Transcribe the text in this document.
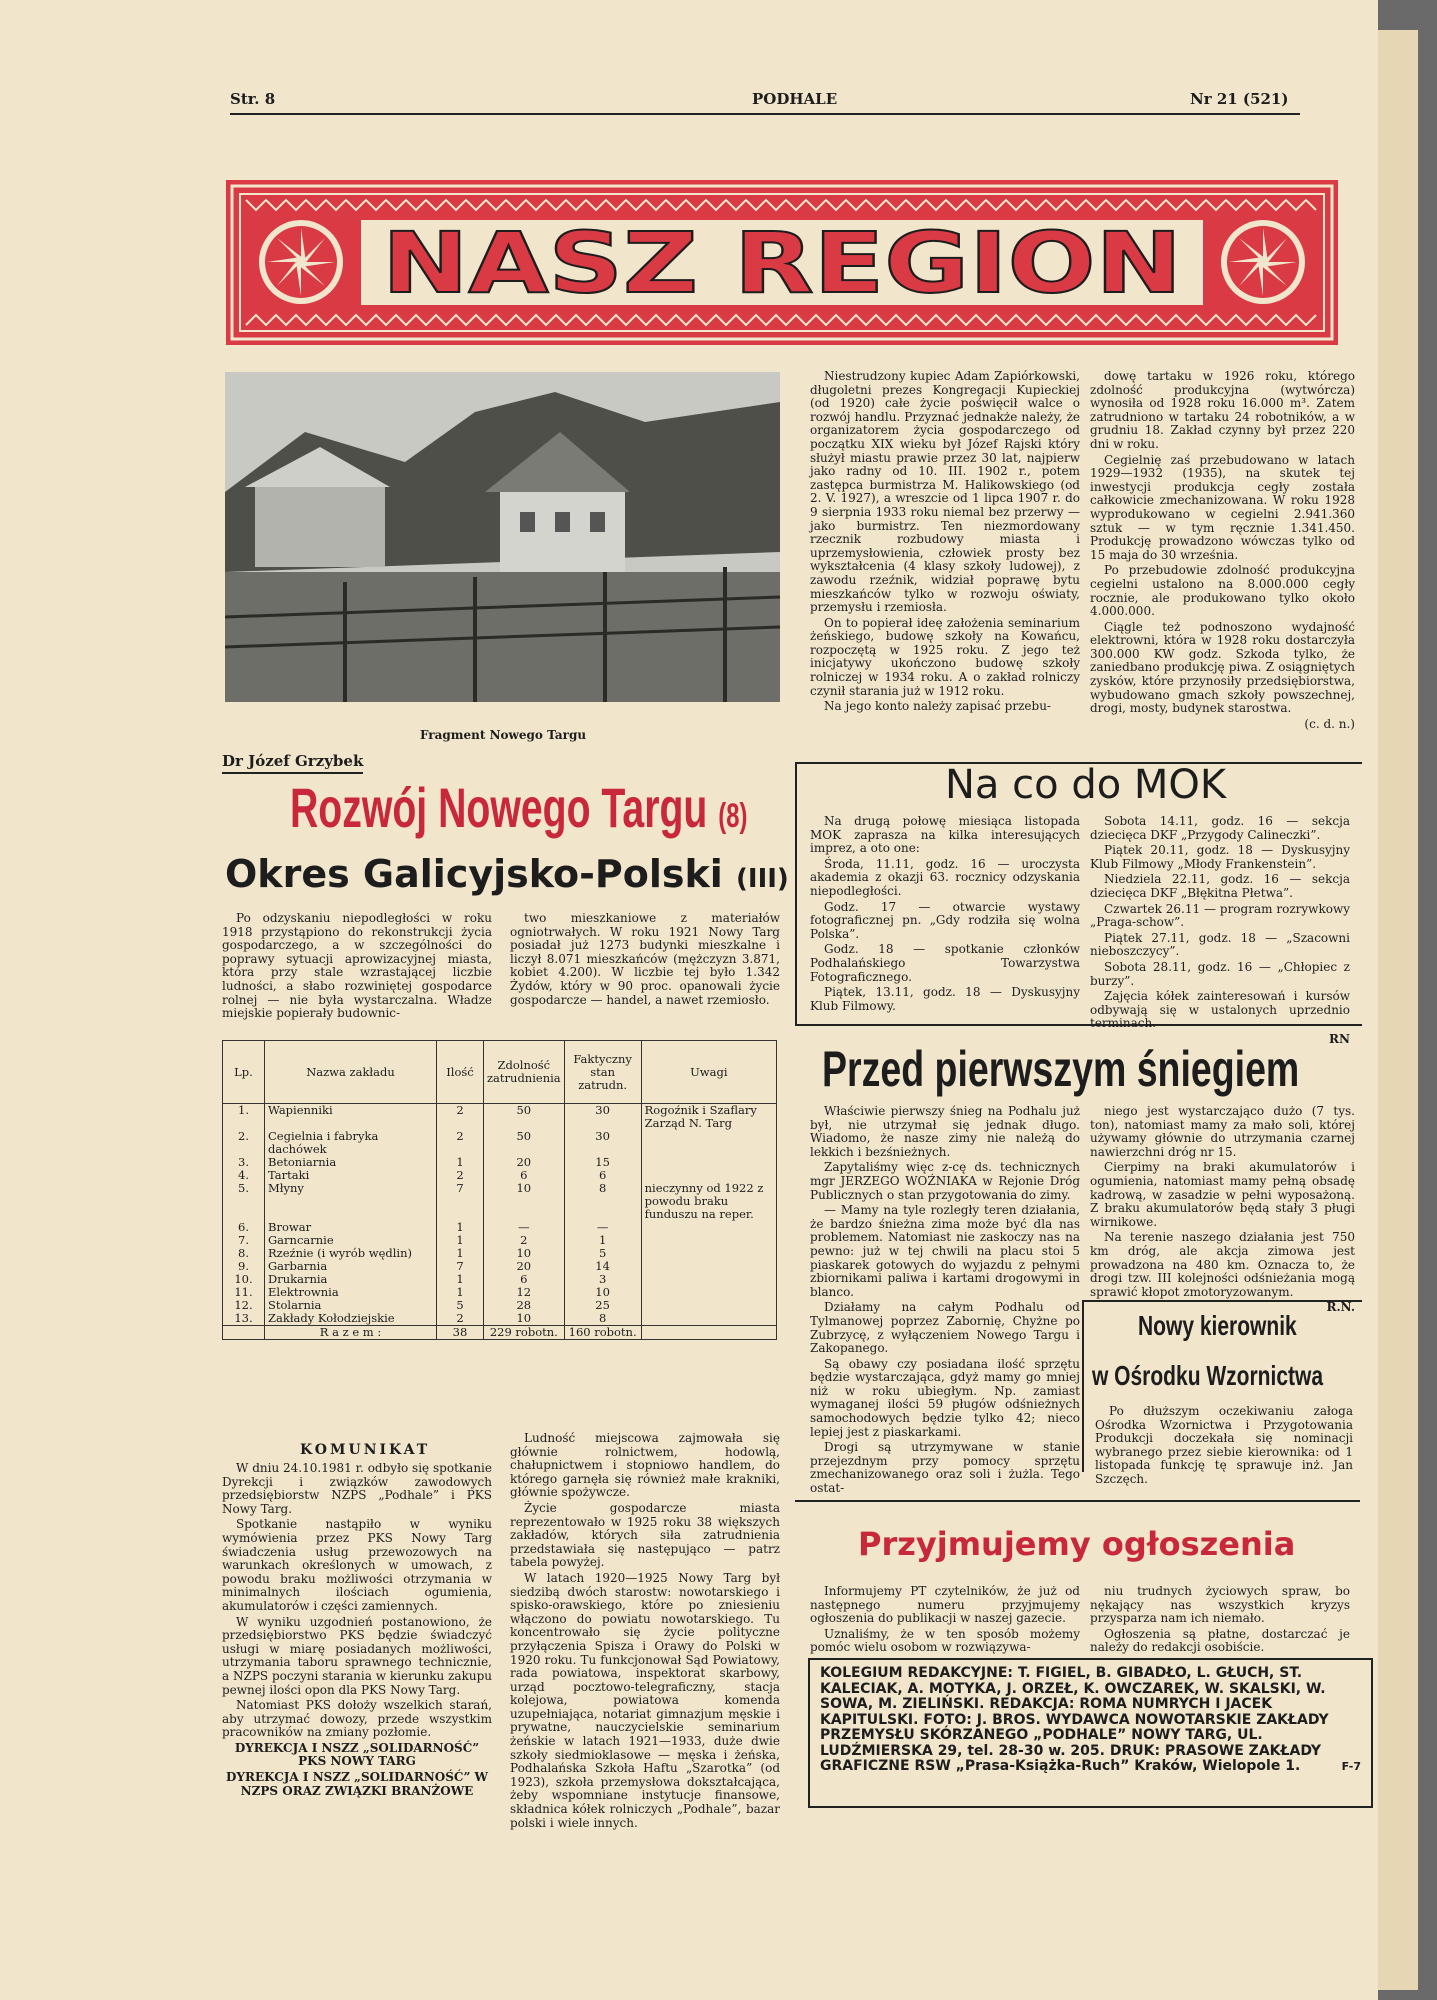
Str. 8	PODHALE	Nr 21 (521)
NASZ REGION
Fragment Nowego Targu
Dr Józef Grzybek
Rozwój Nowego Targu (8)
Okres Galicyjsko-Polski (III)

Po odzyskaniu niepodległości w roku 1918 przystąpiono do rekonstrukcji życia gospodarczego, a w szczególności do poprawy sytuacji aprowizacyjnej miasta, która przy stale wzrastającej liczbie ludności, a słabo rozwiniętej gospodarce rolnej — nie była wystarczalna. Władze miejskie popierały budownic-

two mieszkaniowe z materiałów ogniotrwałych. W roku 1921 Nowy Targ posiadał już 1273 budynki mieszkalne i liczył 8.071 mieszkańców (mężczyzn 3.871, kobiet 4.200). W liczbie tej było 1.342 Żydów, który w 90 proc. opanowali życie gospodarcze — handel, a nawet rzemiosło.

Lp.	Nazwa zakładu	Ilość	Zdolność zatrudnienia	Faktyczny stan zatrudn.	Uwagi
1.	Wapienniki	2	50	30	Rogoźnik i Szaflary Zarząd N. Targ
2.	Cegielnia i fabryka dachówek	2	50	30	
3.	Betoniarnia	1	20	15	
4.	Tartaki	2	6	6	
5.	Młyny	7	10	8	nieczynny od 1922 z powodu braku funduszu na reper.
6.	Browar	1	—	—	
7.	Garncarnie	1	2	1	
8.	Rzeźnie (i wyrób wędlin)	1	10	5	
9.	Garbarnia	7	20	14	
10.	Drukarnia	1	6	3	
11.	Elektrownia	1	12	10	
12.	Stolarnia	5	28	25	
13.	Zakłady Kołodziejskie	2	10	8	
	R a z e m :	38	229 robotn.	160 robotn.	

Niestrudzony kupiec Adam Zapiórkowski, długoletni prezes Kongregacji Kupieckiej (od 1920) całe życie poświęcił walce o rozwój handlu. Przyznać jednakże należy, że organizatorem życia gospodarczego od początku XIX wieku był Józef Rajski który służył miastu prawie przez 30 lat, najpierw jako radny od 10. III. 1902 r., potem zastępca burmistrza M. Halikowskiego (od 2. V. 1927), a wreszcie od 1 lipca 1907 r. do 9 sierpnia 1933 roku niemal bez przerwy — jako burmistrz. Ten niezmordowany rzecznik rozbudowy miasta i uprzemysłowienia, człowiek prosty bez wykształcenia (4 klasy szkoły ludowej), z zawodu rzeźnik, widział poprawę bytu mieszkańców tylko w rozwoju oświaty, przemysłu i rzemiosła.

On to popierał ideę założenia seminarium żeńskiego, budowę szkoły na Kowańcu, rozpoczętą w 1925 roku. Z jego też inicjatywy ukończono budowę szkoły rolniczej w 1934 roku. A o zakład rolniczy czynił starania już w 1912 roku.

Na jego konto należy zapisać przebu-

dowę tartaku w 1926 roku, którego zdolność produkcyjna (wytwórcza) wynosiła od 1928 roku 16.000 m³. Zatem zatrudniono w tartaku 24 robotników, a w grudniu 18. Zakład czynny był przez 220 dni w roku.

Cegielnię zaś przebudowano w latach 1929—1932 (1935), na skutek tej inwestycji produkcja cegły została całkowicie zmechanizowana. W roku 1928 wyprodukowano w cegielni 2.941.360 sztuk — w tym ręcznie 1.341.450. Produkcję prowadzono wówczas tylko od 15 maja do 30 września.

Po przebudowie zdolność produkcyjna cegielni ustalono na 8.000.000 cegły rocznie, ale produkowano tylko około 4.000.000.

Ciągle też podnoszono wydajność elektrowni, która w 1928 roku dostarczyła 300.000 KW godz. Szkoda tylko, że zaniedbano produkcję piwa. Z osiągniętych zysków, które przynosiły przedsiębiorstwa, wybudowano gmach szkoły powszechnej, drogi, mosty, budynek starostwa.

(c. d. n.)

Na co do MOK

Na drugą połowę miesiąca listopada MOK zaprasza na kilka interesujących imprez, a oto one:

Środa, 11.11, godz. 16 — uroczysta akademia z okazji 63. rocznicy odzyskania niepodległości.

Godz. 17 — otwarcie wystawy fotograficznej pn. „Gdy rodziła się wolna Polska”.

Godz. 18 — spotkanie członków Podhalańskiego Towarzystwa Fotograficznego.

Piątek, 13.11, godz. 18 — Dyskusyjny Klub Filmowy.

Sobota 14.11, godz. 16 — sekcja dziecięca DKF „Przygody Calineczki”.

Piątek 20.11, godz. 18 — Dyskusyjny Klub Filmowy „Młody Frankenstein”.

Niedziela 22.11, godz. 16 — sekcja dziecięca DKF „Błękitna Płetwa”.

Czwartek 26.11 — program rozrywkowy „Praga-schow”.

Piątek 27.11, godz. 18 — „Szacowni nieboszczycy”.

Sobota 28.11, godz. 16 — „Chłopiec z burzy”.

Zajęcia kółek zainteresowań i kursów odbywają się w ustalonych uprzednio terminach.

RN

Przed pierwszym śniegiem

Właściwie pierwszy śnieg na Podhalu już był, nie utrzymał się jednak długo. Wiadomo, że nasze zimy nie należą do lekkich i bezśnieżnych.

Zapytaliśmy więc z-cę ds. technicznych mgr JERZEGO WOŹNIAKA w Rejonie Dróg Publicznych o stan przygotowania do zimy.

— Mamy na tyle rozległy teren działania, że bardzo śnieżna zima może być dla nas problemem. Natomiast nie zaskoczy nas na pewno: już w tej chwili na placu stoi 5 piaskarek gotowych do wyjazdu z pełnymi zbiornikami paliwa i kartami drogowymi in blanco.

Działamy na całym Podhalu od Tylmanowej poprzez Zabornię, Chyżne po Zubrzycę, z wyłączeniem Nowego Targu i Zakopanego.

Są obawy czy posiadana ilość sprzętu będzie wystarczająca, gdyż mamy go mniej niż w roku ubiegłym. Np. zamiast wymaganej ilości 59 pługów odśnieżnych samochodowych będzie tylko 42; nieco lepiej jest z piaskarkami.

Drogi są utrzymywane w stanie przejezdnym przy pomocy sprzętu zmechanizowanego oraz soli i żużla. Tego ostat-

niego jest wystarczająco dużo (7 tys. ton), natomiast mamy za mało soli, której używamy głównie do utrzymania czarnej nawierzchni dróg nr 15.

Cierpimy na braki akumulatorów i ogumienia, natomiast mamy pełną obsadę kadrową, w zasadzie w pełni wyposażoną. Z braku akumulatorów będą stały 3 pługi wirnikowe.

Na terenie naszego działania jest 750 km dróg, ale akcja zimowa jest prowadzona na 480 km. Oznacza to, że drogi tzw. III kolejności odśnieżania mogą sprawić kłopot zmotoryzowanym.

R.N.

Nowy kierownik
w Ośrodku Wzornictwa

Po dłuższym oczekiwaniu załoga Ośrodka Wzornictwa i Przygotowania Produkcji doczekała się nominacji wybranego przez siebie kierownika: od 1 listopada funkcję tę sprawuje inż. Jan Szczęch.

Przyjmujemy ogłoszenia

Informujemy PT czytelników, że już od następnego numeru przyjmujemy ogłoszenia do publikacji w naszej gazecie.

Uznaliśmy, że w ten sposób możemy pomóc wielu osobom w rozwiązywa-

niu trudnych życiowych spraw, bo nękający nas wszystkich kryzys przysparza nam ich niemało.

Ogłoszenia są płatne, dostarczać je należy do redakcji osobiście.

KOLEGIUM REDAKCYJNE: T. FIGIEL, B. GIBADŁO, L. GŁUCH, ST. KALECIAK, A. MOTYKA, J. ORZEŁ, K. OWCZAREK, W. SKALSKI, W. SOWA, M. ZIELIŃSKI. REDAKCJA: ROMA NUMRYCH I JACEK KAPITULSKI. FOTO: J. BROS. WYDAWCA NOWOTARSKIE ZAKŁADY PRZEMYSŁU SKÓRZANEGO „PODHALE” NOWY TARG, UL. LUDŹMIERSKA 29, tel. 28-30 w. 205. DRUK: PRASOWE ZAKŁADY GRAFICZNE RSW „Prasa-Książka-Ruch” Kraków, Wielopole 1.	F-7
KOMUNIKAT

W dniu 24.10.1981 r. odbyło się spotkanie Dyrekcji i związków zawodowych przedsiębiorstw NZPS „Podhale” i PKS Nowy Targ.

Spotkanie nastąpiło w wyniku wymówienia przez PKS Nowy Targ świadczenia usług przewozowych na warunkach określonych w umowach, z powodu braku możliwości otrzymania w minimalnych ilościach ogumienia, akumulatorów i części zamiennych.

W wyniku uzgodnień postanowiono, że przedsiębiorstwo PKS będzie świadczyć usługi w miarę posiadanych możliwości, utrzymania taboru sprawnego technicznie, a NZPS poczyni starania w kierunku zakupu pewnej ilości opon dla PKS Nowy Targ.

Natomiast PKS dołoży wszelkich starań, aby utrzymać dowozy, przede wszystkim pracowników na zmiany pozłomie.

DYREKCJA I NSZZ „SOLIDARNOŚĆ” PKS NOWY TARG

DYREKCJA I NSZZ „SOLIDARNOŚĆ” W NZPS ORAZ ZWIĄZKI BRANŻOWE

Ludność miejscowa zajmowała się głównie rolnictwem, hodowlą, chałupnictwem i stopniowo handlem, do którego garnęła się również małe krakniki, głównie spożywcze.

Życie gospodarcze miasta reprezentowało w 1925 roku 38 większych zakładów, których siła zatrudnienia przedstawiała się następująco — patrz tabela powyżej.

W latach 1920—1925 Nowy Targ był siedzibą dwóch starostw: nowotarskiego i spisko-orawskiego, które po zniesieniu włączono do powiatu nowotarskiego. Tu koncentrowało się życie polityczne przyłączenia Spisza i Orawy do Polski w 1920 roku. Tu funkcjonował Sąd Powiatowy, rada powiatowa, inspektorat skarbowy, urząd pocztowo-telegraficzny, stacja kolejowa, powiatowa komenda uzupełniająca, notariat gimnazjum męskie i prywatne, nauczycielskie seminarium żeńskie w latach 1921—1933, duże dwie szkoły siedmioklasowe — męska i żeńska, Podhalańska Szkoła Haftu „Szarotka” (od 1923), szkoła przemysłowa dokształcająca, żeby wspomniane instytucje finansowe, składnica kółek rolniczych „Podhale”, bazar polski i wiele innych.
